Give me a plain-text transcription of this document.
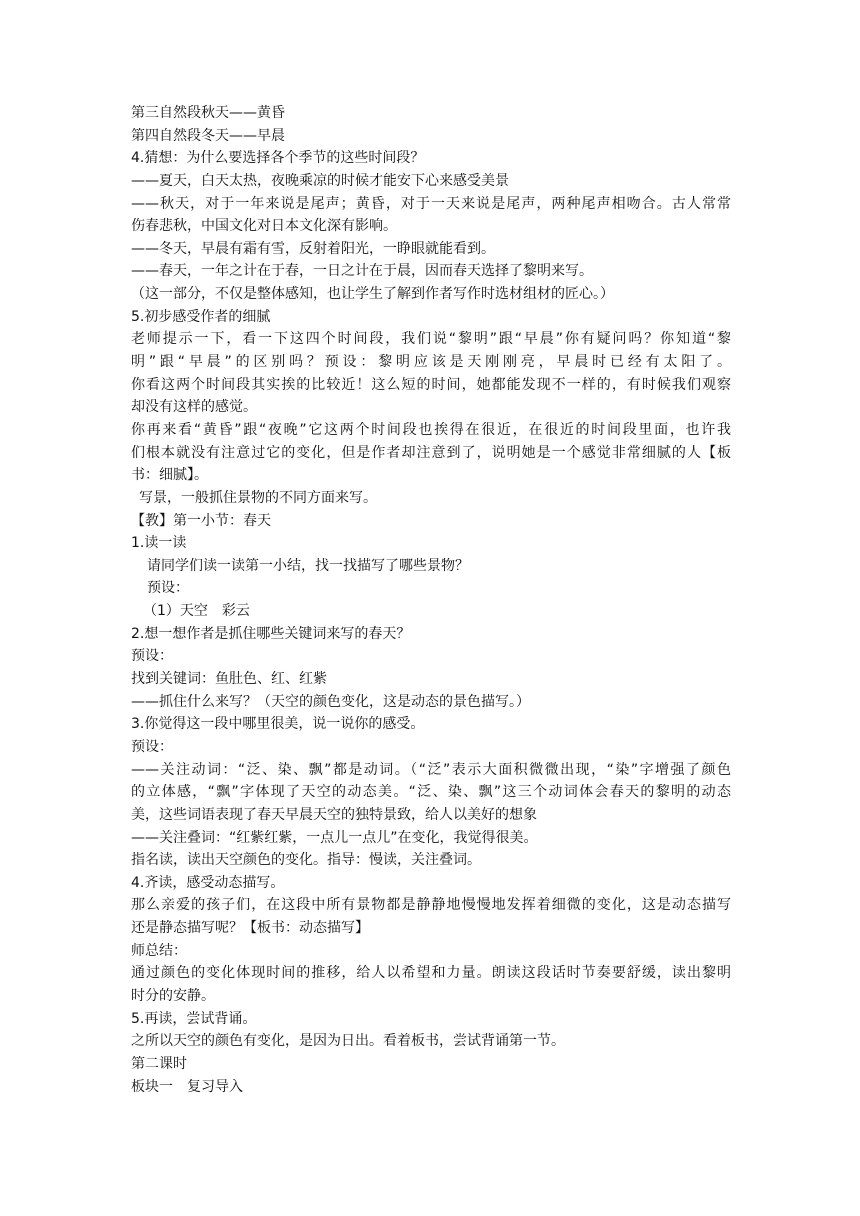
第三自然段秋天——黄昏
第四自然段冬天——早晨
4.猜想：为什么要选择各个季节的这些时间段？
——夏天，白天太热，夜晚乘凉的时候才能安下心来感受美景
——秋天，对于一年来说是尾声；黄昏，对于一天来说是尾声，两种尾声相吻合。古人常常
伤春悲秋，中国文化对日本文化深有影响。
——冬天，早晨有霜有雪，反射着阳光，一睁眼就能看到。
——春天，一年之计在于春，一日之计在于晨，因而春天选择了黎明来写。
（这一部分，不仅是整体感知，也让学生了解到作者写作时选材组材的匠心。）
5.初步感受作者的细腻
老师提示一下，看一下这四个时间段，我们说“黎明”跟“早晨”你有疑问吗？你知道“黎
明”跟“早晨”的区别吗？预设：黎明应该是天刚刚亮，早晨时已经有太阳了。
你看这两个时间段其实挨的比较近！这么短的时间，她都能发现不一样的，有时候我们观察
却没有这样的感觉。
你再来看“黄昏”跟“夜晚”它这两个时间段也挨得在很近，在很近的时间段里面，也许我
们根本就没有注意过它的变化，但是作者却注意到了，说明她是一个感觉非常细腻的人【板
书：细腻】。
写景，一般抓住景物的不同方面来写。
【教】第一小节：春天
1.读一读
请同学们读一读第一小结，找一找描写了哪些景物？
预设：
（1）天空　彩云
2.想一想作者是抓住哪些关键词来写的春天？
预设：
找到关键词：鱼肚色、红、红紫
——抓住什么来写？（天空的颜色变化，这是动态的景色描写。）
3.你觉得这一段中哪里很美，说一说你的感受。
预设：
——关注动词：“泛、染、飘”都是动词。（“泛”表示大面积微微出现，“染”字增强了颜色
的立体感，“飘”字体现了天空的动态美。“泛、染、飘”这三个动词体会春天的黎明的动态
美，这些词语表现了春天早晨天空的独特景致，给人以美好的想象
——关注叠词：“红紫红紫，一点儿一点儿”在变化，我觉得很美。
指名读，读出天空颜色的变化。指导：慢读，关注叠词。
4.齐读，感受动态描写。
那么亲爱的孩子们，在这段中所有景物都是静静地慢慢地发挥着细微的变化，这是动态描写
还是静态描写呢？【板书：动态描写】
师总结：
通过颜色的变化体现时间的推移，给人以希望和力量。朗读这段话时节奏要舒缓，读出黎明
时分的安静。
5.再读，尝试背诵。
之所以天空的颜色有变化，是因为日出。看着板书，尝试背诵第一节。
第二课时
板块一　复习导入
